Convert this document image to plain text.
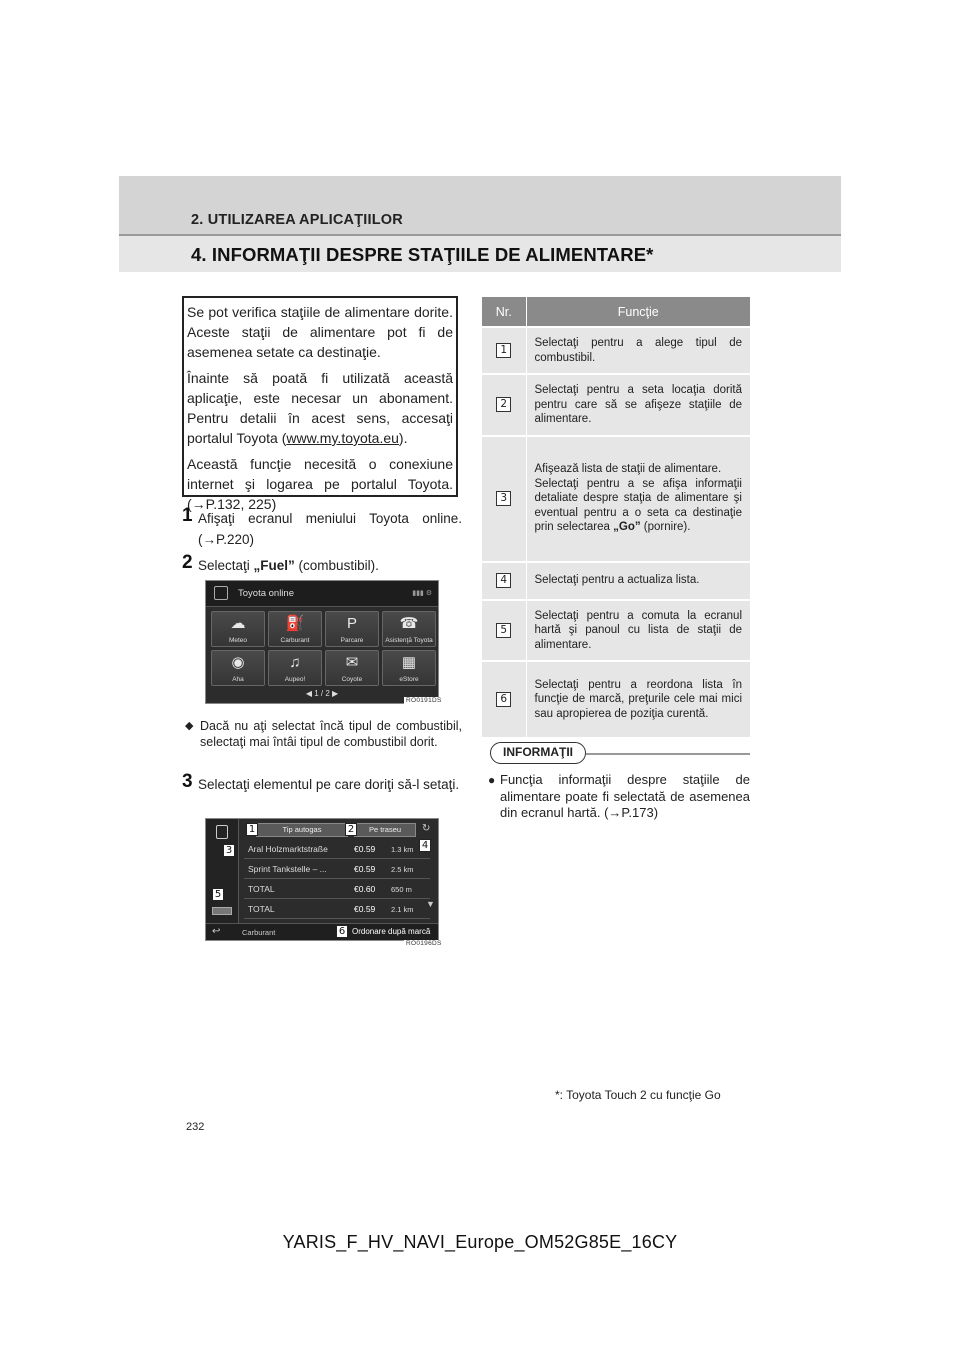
2. UTILIZAREA APLICAŢIILOR
4. INFORMAŢII DESPRE STAŢIILE DE ALIMENTARE*

Se pot verifica staţiile de alimentare dorite. Aceste staţii de alimentare pot fi de asemenea setate ca destinaţie.

Înainte să poată fi utilizată această aplicaţie, este necesar un abonament. Pentru detalii în acest sens, accesaţi portalul Toyota (www.my.toyota.eu).

Această funcţie necesită o conexiune internet şi logarea pe portalul Toyota. (→P.132, 225)

1 Afişaţi ecranul meniului Toyota online.(→P.220)
2 Selectaţi „Fuel” (combustibil).
Toyota online	▮▮▮ ⚙
☁
Meteo
⛽
Carburant
P
Parcare
☎
Asistenţă Toyota
◉
Aha
♫
Aupeo!
✉
Coyote
▦
eStore
◀ 1 / 2 ▶
RO0191DS
◆ Dacă nu aţi selectat încă tipul de combustibil, selectaţi mai întâi tipul de combustibil dorit.
3 Selectaţi elementul pe care doriţi să-l setaţi.
Tip autogas	Pe traseu	↻
Aral Holzmarktstraße	€0.59 1.3 km
Sprint Tankstelle – ...	€0.59 2.5 km
TOTAL	€0.60 650 m
TOTAL	€0.59 2.1 km
▼
↩	Carburant	Ordonare după marcă
1	2
3	4
5
6
RO0196DS
Nr.	Funcţie
1	Selectaţi pentru a alege tipul de combustibil.
2	Selectaţi pentru a seta locaţia dorită pentru care să se afişeze staţiile de alimentare.
3	Afişează lista de staţii de alimentare.
Selectaţi pentru a se afişa informaţii detaliate despre staţia de alimentare şi eventual pentru a o seta ca destinaţie prin selectarea „Go” (pornire).
4	Selectaţi pentru a actualiza lista.
5	Selectaţi pentru a comuta la ecranul hartă şi panoul cu lista de staţii de alimentare.
6	Selectaţi pentru a reordona lista în funcţie de marcă, preţurile cele mai mici sau apropierea de poziţia curentă.
INFORMAŢII
● Funcţia informaţii despre staţiile de alimentare poate fi selectată de asemenea din ecranul hartă. (→P.173)
*: Toyota Touch 2 cu funcţie Go
232
YARIS_F_HV_NAVI_Europe_OM52G85E_16CY
